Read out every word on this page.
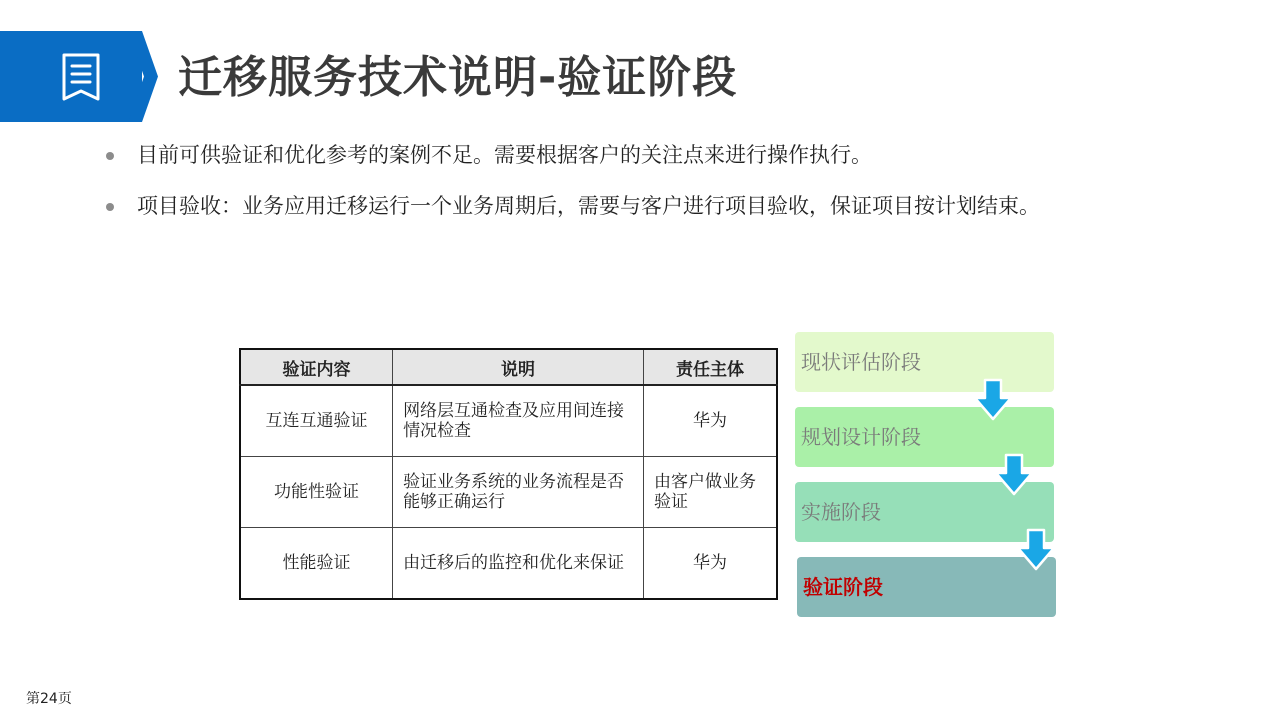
迁移服务技术说明-验证阶段
目前可供验证和优化参考的案例不足。需要根据客户的关注点来进行操作执行。
项目验收：业务应用迁移运行一个业务周期后，需要与客户进行项目验收，保证项目按计划结束。
验证内容	说明	责任主体
互连互通验证	网络层互通检查及应用间连接情况检查	华为
功能性验证	验证业务系统的业务流程是否能够正确运行	由客户做业务验证
性能验证	由迁移后的监控和优化来保证	华为
现状评估阶段
规划设计阶段
实施阶段
验证阶段
第24页
